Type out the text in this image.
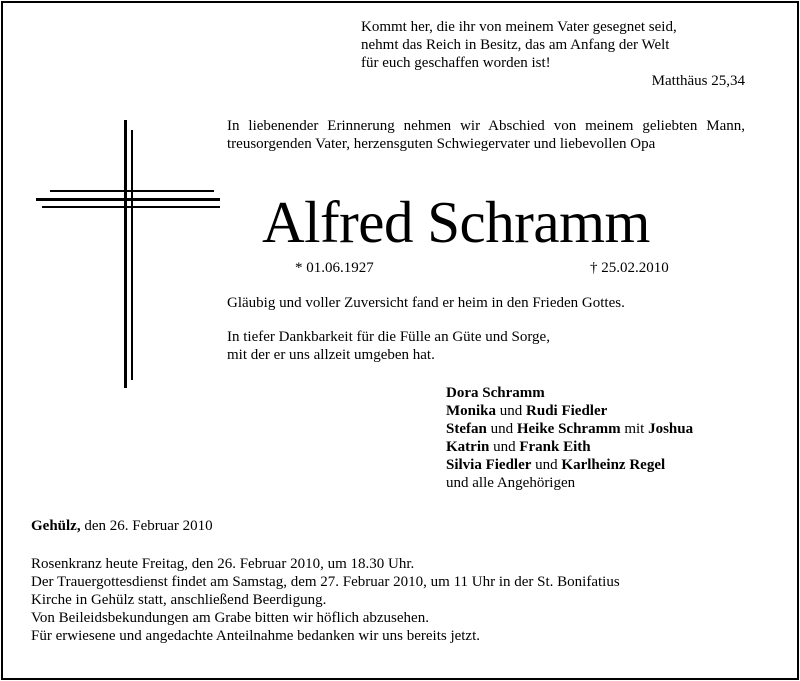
Kommt her, die ihr von meinem Vater gesegnet seid,
nehmt das Reich in Besitz, das am Anfang der Welt
für euch geschaffen worden ist!
Matthäus 25,34
In liebenender Erinnerung nehmen wir Abschied von meinem geliebten Mann, treusorgenden Vater, herzensguten Schwiegervater und liebevollen Opa
Alfred Schramm
* 01.06.1927	† 25.02.2010
Gläubig und voller Zuversicht fand er heim in den Frieden Gottes.
In tiefer Dankbarkeit für die Fülle an Güte und Sorge,
mit der er uns allzeit umgeben hat.
Dora Schramm
Monika und Rudi Fiedler
Stefan und Heike Schramm mit Joshua
Katrin und Frank Eith
Silvia Fiedler und Karlheinz Regel
und alle Angehörigen
Gehülz, den 26. Februar 2010
Rosenkranz heute Freitag, den 26. Februar 2010, um 18.30 Uhr.
Der Trauergottesdienst findet am Samstag, dem 27. Februar 2010, um 11 Uhr in der St. Bonifatius
Kirche in Gehülz statt, anschließend Beerdigung.
Von Beileidsbekundungen am Grabe bitten wir höflich abzusehen.
Für erwiesene und angedachte Anteilnahme bedanken wir uns bereits jetzt.
